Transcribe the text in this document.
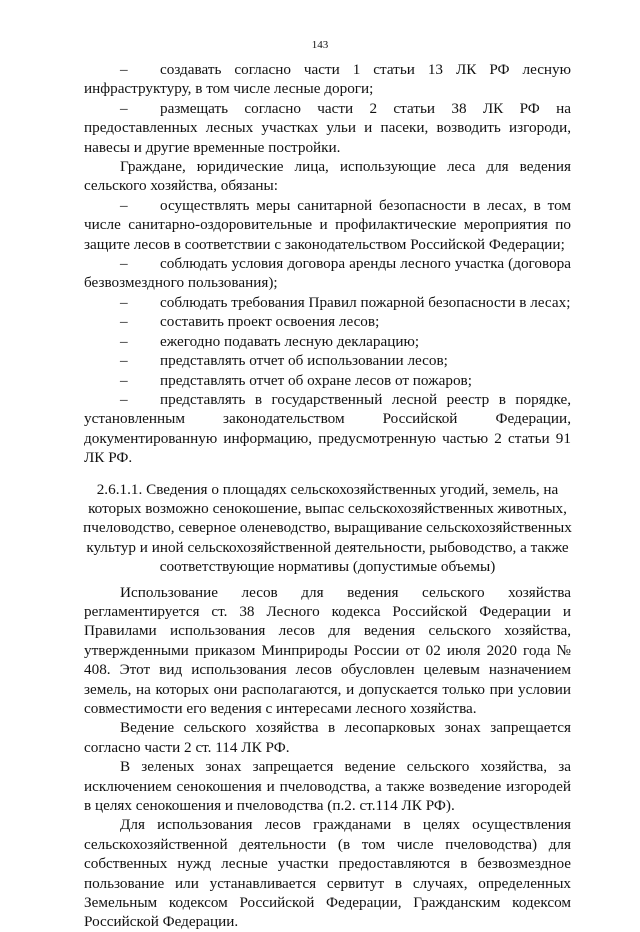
143

– создавать согласно части 1 статьи 13 ЛК РФ лесную инфраструктуру, в том числе лесные дороги;

– размещать согласно части 2 статьи 38 ЛК РФ на предоставленных лесных участках ульи и пасеки, возводить изгороди, навесы и другие временные постройки.

Граждане, юридические лица, использующие леса для ведения сельского хозяйства, обязаны:

– осуществлять меры санитарной безопасности в лесах, в том числе санитарно-оздоровительные и профилактические мероприятия по защите лесов в соответствии с законодательством Российской Федерации;

– соблюдать условия договора аренды лесного участка (договора безвозмездного пользования);

– соблюдать требования Правил пожарной безопасности в лесах;

– составить проект освоения лесов;

– ежегодно подавать лесную декларацию;

– представлять отчет об использовании лесов;

– представлять отчет об охране лесов от пожаров;

– представлять в государственный лесной реестр в порядке, установленным законодательством Российской Федерации, документированную информацию, предусмотренную частью 2 статьи 91 ЛК РФ.

2.6.1.1. Сведения о площадях сельскохозяйственных угодий, земель, на которых возможно сенокошение, выпас сельскохозяйственных животных, пчеловодство, северное оленеводство, выращивание сельскохозяйственных культур и иной сельскохозяйственной деятельности, рыбоводство, а также соответствующие нормативы (допустимые объемы)

Использование лесов для ведения сельского хозяйства регламентируется ст. 38 Лесного кодекса Российской Федерации и Правилами использования лесов для ведения сельского хозяйства, утвержденными приказом Минприроды России от 02 июля 2020 года № 408. Этот вид использования лесов обусловлен целевым назначением земель, на которых они располагаются, и допускается только при условии совместимости его ведения с интересами лесного хозяйства.

Ведение сельского хозяйства в лесопарковых зонах запрещается согласно части 2 ст. 114 ЛК РФ.

В зеленых зонах запрещается ведение сельского хозяйства, за исключением сенокошения и пчеловодства, а также возведение изгородей в целях сенокошения и пчеловодства (п.2. ст.114 ЛК РФ).

Для использования лесов гражданами в целях осуществления сельскохозяйственной деятельности (в том числе пчеловодства) для собственных нужд лесные участки предоставляются в безвозмездное пользование или устанавливается сервитут в случаях, определенных Земельным кодексом Российской Федерации, Гражданским кодексом Российской Федерации.
